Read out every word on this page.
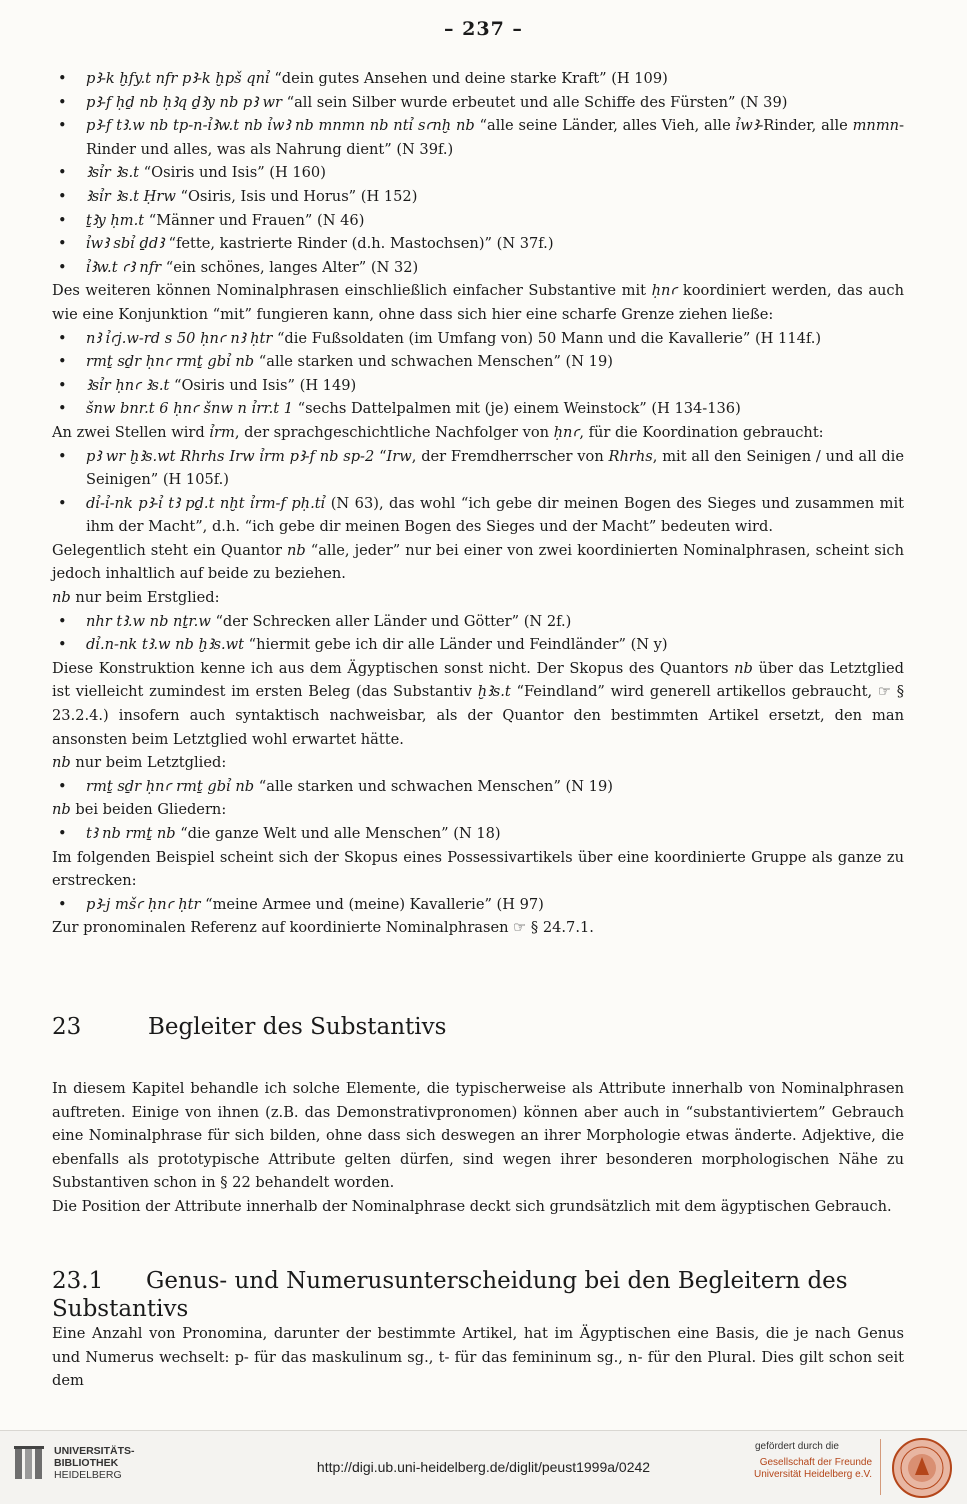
– 237 –
• pꜢ-k ḫfy.t nfr pꜢ-k ḫpš qnỉ “dein gutes Ansehen und deine starke Kraft” (H 109)
• pꜢ-f ḥḏ nb ḥꜢq ḏꜢy nb pꜢ wr “all sein Silber wurde erbeutet und alle Schiffe des Fürsten” (N 39)
• pꜢ-f tꜢ.w nb tp-n-ỉꜢw.t nb ỉwꜢ nb mnmn nb ntỉ sꜥnḫ nb “alle seine Länder, alles Vieh, alle ỉwꜢ-Rinder, alle mnmn-Rinder und alles, was als Nahrung dient” (N 39f.)
• Ꜣsỉr Ꜣs.t “Osiris und Isis” (H 160)
• Ꜣsỉr Ꜣs.t Ḥrw “Osiris, Isis und Horus” (H 152)
• ṯꜢy ḥm.t “Männer und Frauen” (N 46)
• ỉwꜢ sbỉ ḏdꜢ “fette, kastrierte Rinder (d.h. Mastochsen)” (N 37f.)
• ỉꜢw.t ꜥꜢ nfr “ein schönes, langes Alter” (N 32)
Des weiteren können Nominalphrasen einschließlich einfacher Substantive mit ḥnꜥ koordiniert werden, das auch wie eine Konjunktion “mit” fungieren kann, ohne dass sich hier eine scharfe Grenze ziehen ließe:
• nꜢ ỉꜥj.w-rd s 50 ḥnꜥ nꜢ ḥtr “die Fußsoldaten (im Umfang von) 50 Mann und die Kavallerie” (H 114f.)
• rmṯ sḏr ḥnꜥ rmṯ gbỉ nb “alle starken und schwachen Menschen” (N 19)
• Ꜣsỉr ḥnꜥ Ꜣs.t “Osiris und Isis” (H 149)
• šnw bnr.t 6 ḥnꜥ šnw n ỉrr.t 1 “sechs Dattelpalmen mit (je) einem Weinstock” (H 134-136)
An zwei Stellen wird ỉrm, der sprachgeschichtliche Nachfolger von ḥnꜥ, für die Koordination gebraucht:
• pꜢ wr ḫꜢs.wt Rhrhs Irw ỉrm pꜢ-f nb sp-2 “Irw, der Fremdherrscher von Rhrhs, mit all den Seinigen / und all die Seinigen” (H 105f.)
• dỉ-ỉ-nk pꜢ-ỉ tꜢ pḏ.t nḫt ỉrm-f pḥ.tỉ (N 63), das wohl “ich gebe dir meinen Bogen des Sieges und zusammen mit ihm der Macht”, d.h. “ich gebe dir meinen Bogen des Sieges und der Macht” bedeuten wird.
Gelegentlich steht ein Quantor nb “alle, jeder” nur bei einer von zwei koordinierten Nominalphrasen, scheint sich jedoch inhaltlich auf beide zu beziehen.
nb nur beim Erstglied:
• nhr tꜢ.w nb nṯr.w “der Schrecken aller Länder und Götter” (N 2f.)
• dỉ.n-nk tꜢ.w nb ḫꜢs.wt “hiermit gebe ich dir alle Länder und Feindländer” (N y)
Diese Konstruktion kenne ich aus dem Ägyptischen sonst nicht. Der Skopus des Quantors nb über das Letztglied ist vielleicht zumindest im ersten Beleg (das Substantiv ḫꜢs.t “Feindland” wird generell artikellos gebraucht, ☞ § 23.2.4.) insofern auch syntaktisch nachweisbar, als der Quantor den bestimmten Artikel ersetzt, den man ansonsten beim Letztglied wohl erwartet hätte.
nb nur beim Letztglied:
• rmṯ sḏr ḥnꜥ rmṯ gbỉ nb “alle starken und schwachen Menschen” (N 19)
nb bei beiden Gliedern:
• tꜢ nb rmṯ nb “die ganze Welt und alle Menschen” (N 18)
Im folgenden Beispiel scheint sich der Skopus eines Possessivartikels über eine koordinierte Gruppe als ganze zu erstrecken:
• pꜢ-j mšꜥ ḥnꜥ ḥtr “meine Armee und (meine) Kavallerie” (H 97)
Zur pronominalen Referenz auf koordinierte Nominalphrasen ☞ § 24.7.1.
23	Begleiter des Substantivs
In diesem Kapitel behandle ich solche Elemente, die typischerweise als Attribute innerhalb von Nominalphrasen auftreten. Einige von ihnen (z.B. das Demonstrativpronomen) können aber auch in “substantiviertem” Gebrauch eine Nominalphrase für sich bilden, ohne dass sich deswegen an ihrer Morphologie etwas änderte. Adjektive, die ebenfalls als prototypische Attribute gelten dürfen, sind wegen ihrer besonderen morphologischen Nähe zu Substantiven schon in § 22 behandelt worden.
Die Position der Attribute innerhalb der Nominalphrase deckt sich grundsätzlich mit dem ägyptischen Gebrauch.
23.1 Genus- und Numerusunterscheidung bei den Begleitern des Substantivs
Eine Anzahl von Pronomina, darunter der bestimmte Artikel, hat im Ägyptischen eine Basis, die je nach Genus und Numerus wechselt: p- für das maskulinum sg., t- für das femininum sg., n- für den Plural. Dies gilt schon seit dem
UNIVERSITÄTS-
BIBLIOTHEK
HEIDELBERG	http://digi.ub.uni-heidelberg.de/diglit/peust1999a/0242
gefördert durch die
Gesellschaft der Freunde
Universität Heidelberg e.V.
